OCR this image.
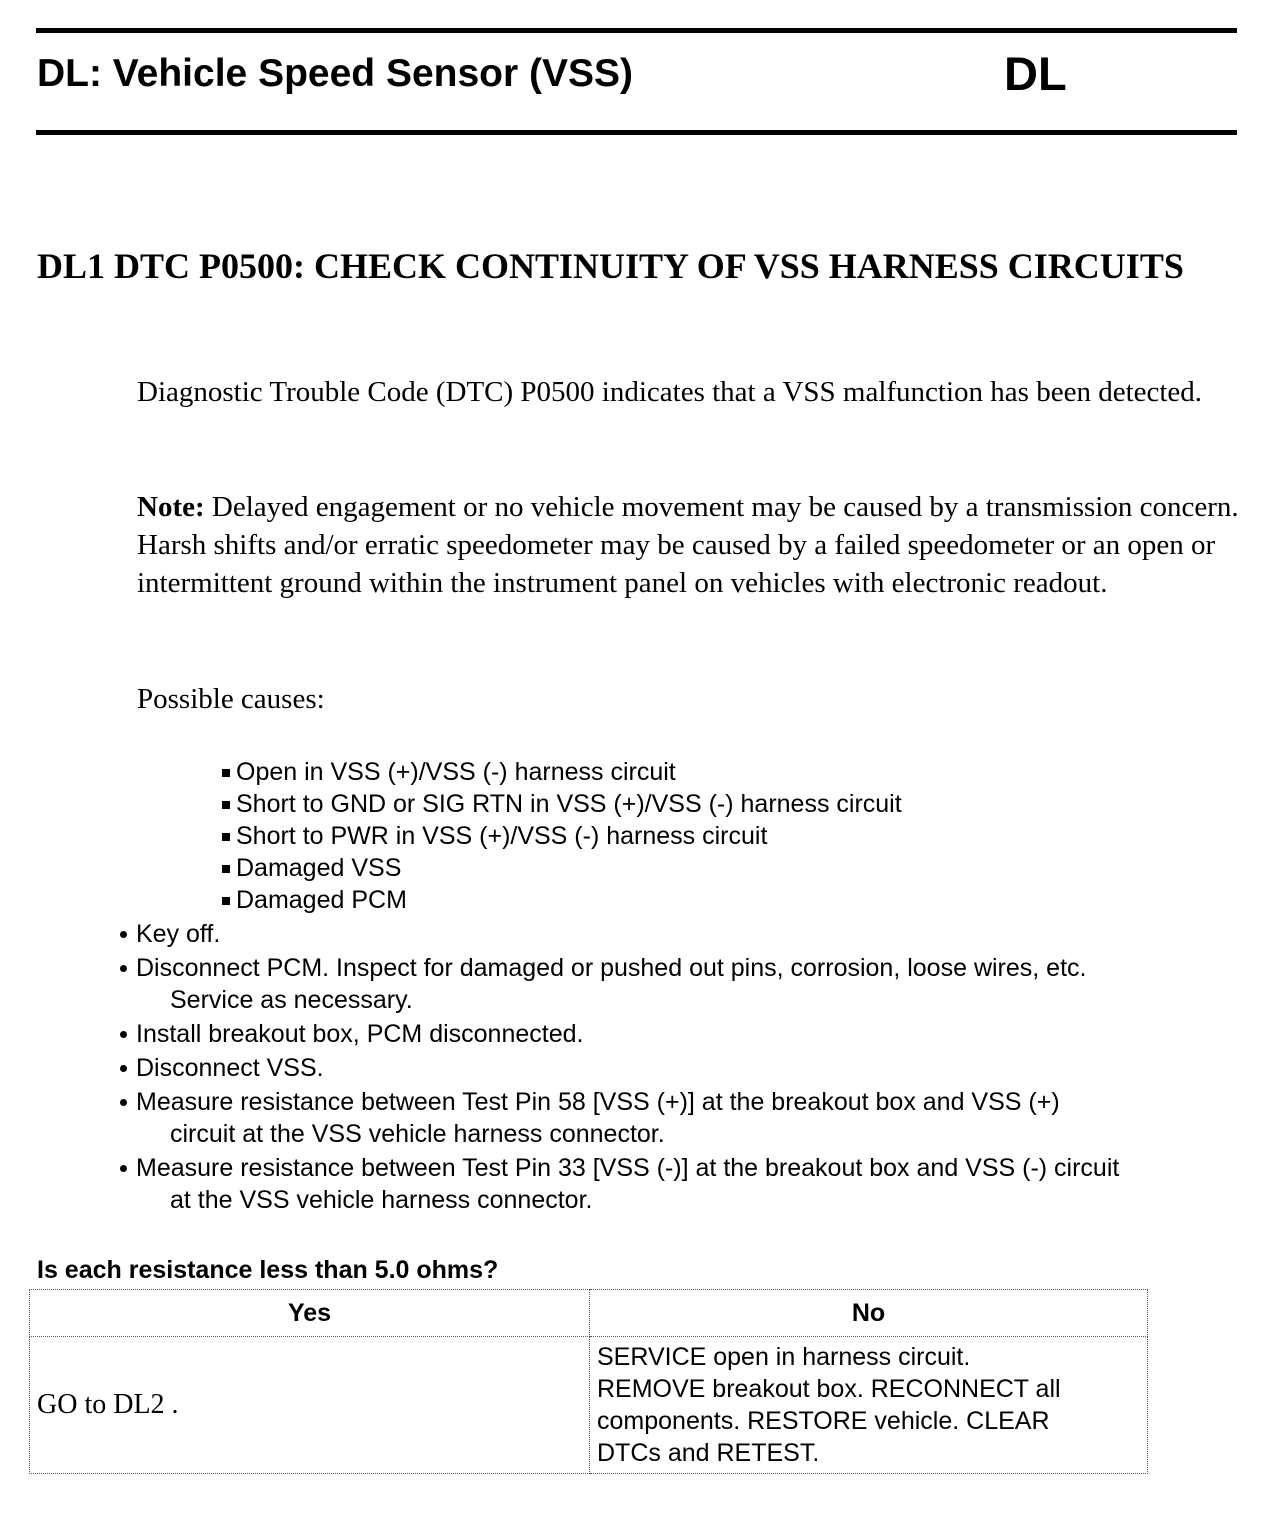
DL: Vehicle Speed Sensor (VSS)	DL
DL1 DTC P0500: CHECK CONTINUITY OF VSS HARNESS CIRCUITS

Diagnostic Trouble Code (DTC) P0500 indicates that a VSS malfunction has been detected.

Note: Delayed engagement or no vehicle movement may be caused by a transmission concern. Harsh shifts and/or erratic speedometer may be caused by a failed speedometer or an open or intermittent ground within the instrument panel on vehicles with electronic readout.

Possible causes:

Open in VSS (+)/VSS (-) harness circuit
Short to GND or SIG RTN in VSS (+)/VSS (-) harness circuit
Short to PWR in VSS (+)/VSS (-) harness circuit
Damaged VSS
Damaged PCM
Key off.
Disconnect PCM. Inspect for damaged or pushed out pins, corrosion, loose wires, etc.
Service as necessary.
Install breakout box, PCM disconnected.
Disconnect VSS.
Measure resistance between Test Pin 58 [VSS (+)] at the breakout box and VSS (+)
circuit at the VSS vehicle harness connector.
Measure resistance between Test Pin 33 [VSS (-)] at the breakout box and VSS (-) circuit
at the VSS vehicle harness connector.
Is each resistance less than 5.0 ohms?
Yes	No
GO to DL2 .	SERVICE open in harness circuit.
REMOVE breakout box. RECONNECT all
components. RESTORE vehicle. CLEAR
DTCs and RETEST.
